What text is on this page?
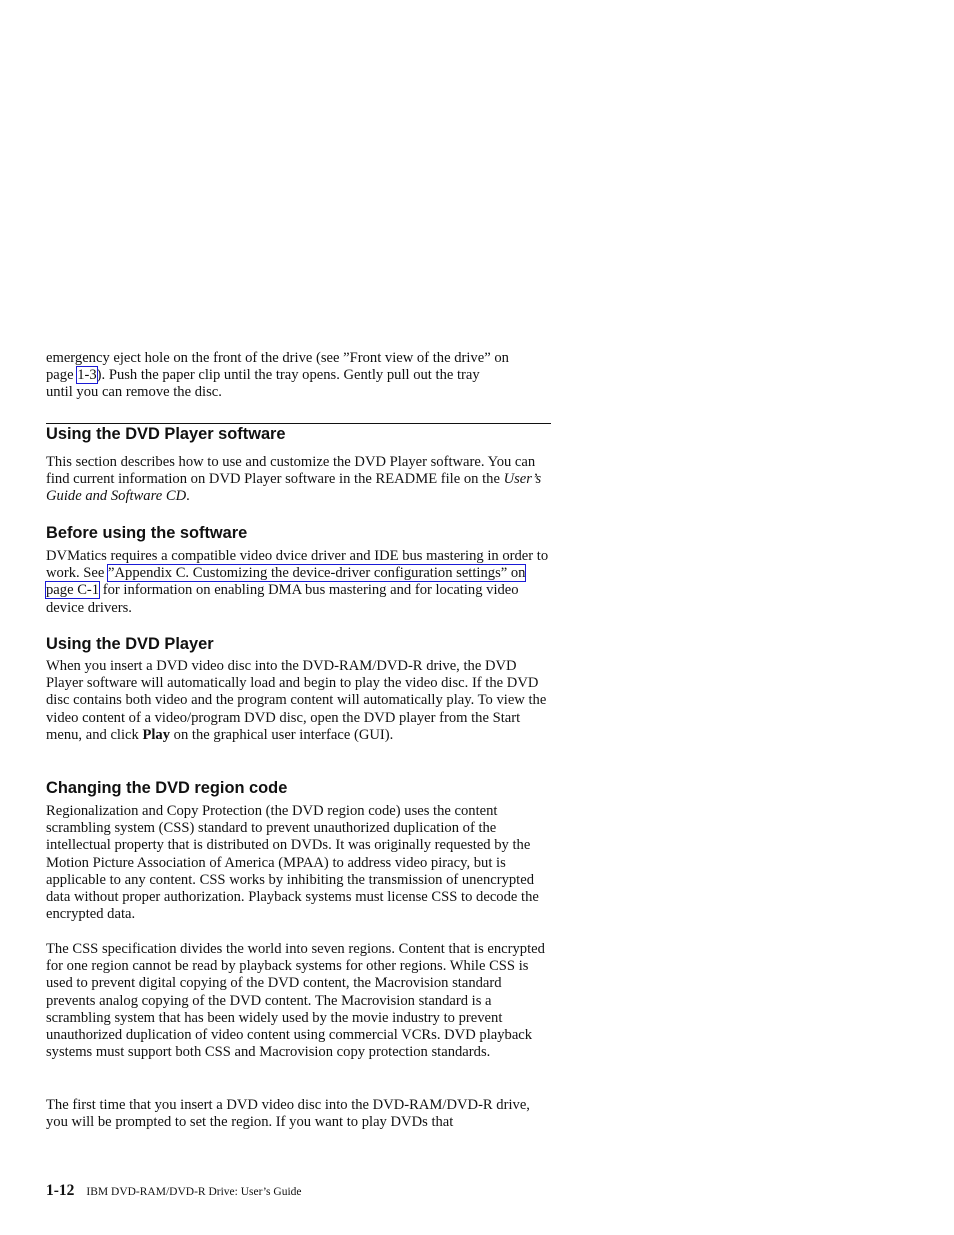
emergency eject hole on the front of the drive (see ”Front view of the drive” on

page 1-3). Push the paper clip until the tray opens. Gently pull out the tray

until you can remove the disc.

Using the DVD Player software

This section describes how to use and customize the DVD Player software. You can find current information on DVD Player software in the README file on the User’s Guide and Software CD.

Before using the software

DVMatics requires a compatible video dvice driver and IDE bus mastering in order to work. See ”Appendix C. Customizing the device-driver configuration settings” on page C-1 for information on enabling DMA bus mastering and for locating video device drivers.

Using the DVD Player

When you insert a DVD video disc into the DVD-RAM/DVD-R drive, the DVD Player software will automatically load and begin to play the video disc. If the DVD disc contains both video and the program content will automatically play. To view the video content of a video/program DVD disc, open the DVD player from the Start menu, and click Play on the graphical user interface (GUI).

Changing the DVD region code

Regionalization and Copy Protection (the DVD region code) uses the content scrambling system (CSS) standard to prevent unauthorized duplication of the intellectual property that is distributed on DVDs. It was originally requested by the Motion Picture Association of America (MPAA) to address video piracy, but is applicable to any content. CSS works by inhibiting the transmission of unencrypted data without proper authorization. Playback systems must license CSS to decode the encrypted data.

The CSS specification divides the world into seven regions. Content that is encrypted for one region cannot be read by playback systems for other regions. While CSS is used to prevent digital copying of the DVD content, the Macrovision standard prevents analog copying of the DVD content. The Macrovision standard is a scrambling system that has been widely used by the movie industry to prevent unauthorized duplication of video content using commercial VCRs. DVD playback systems must support both CSS and Macrovision copy protection standards.

The first time that you insert a DVD video disc into the DVD-RAM/DVD-R drive, you will be prompted to set the region. If you want to play DVDs that

1-12 IBM DVD-RAM/DVD-R Drive: User’s Guide
